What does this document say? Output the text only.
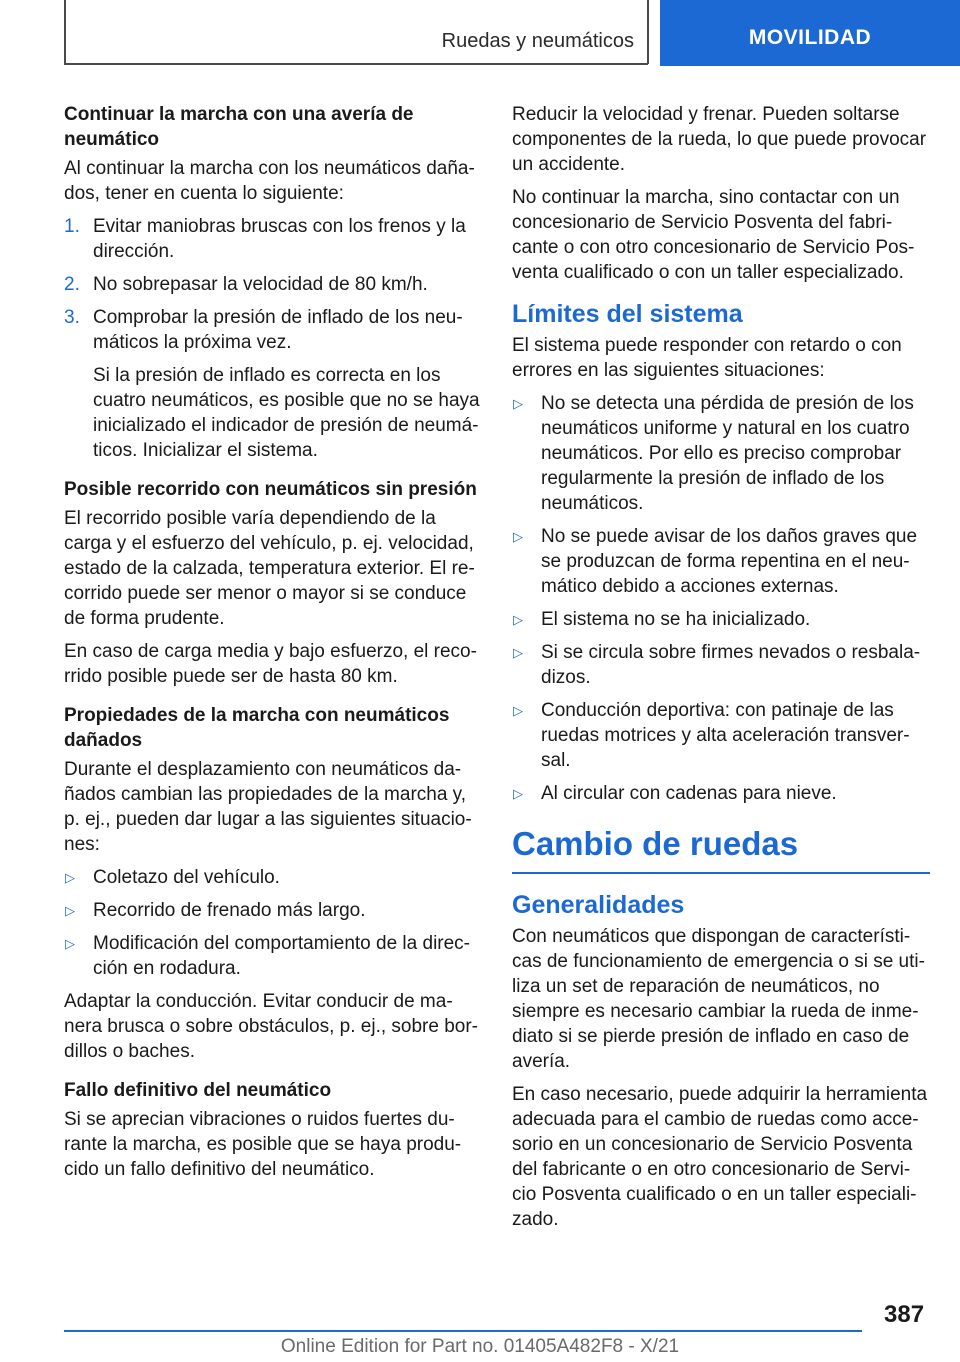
Ruedas y neumáticos	MOVILIDAD
Continuar la marcha con una avería de neumático

Al continuar la marcha con los neumáticos daña-dos, tener en cuenta lo siguiente:

1. Evitar maniobras bruscas con los frenos y la dirección.
2. No sobrepasar la velocidad de 80 km/h.
3. Comprobar la presión de inflado de los neu-máticos la próxima vez.
Si la presión de inflado es correcta en los cuatro neumáticos, es posible que no se haya inicializado el indicador de presión de neumá-ticos. Inicializar el sistema.
Posible recorrido con neumáticos sin presión

El recorrido posible varía dependiendo de la carga y el esfuerzo del vehículo, p. ej. velocidad, estado de la calzada, temperatura exterior. El re-corrido puede ser menor o mayor si se conduce de forma prudente.

En caso de carga media y bajo esfuerzo, el reco-rrido posible puede ser de hasta 80 km.

Propiedades de la marcha con neumáticos dañados

Durante el desplazamiento con neumáticos da-ñados cambian las propiedades de la marcha y, p. ej., pueden dar lugar a las siguientes situacio-nes:

▷ Coletazo del vehículo.
▷ Recorrido de frenado más largo.
▷ Modificación del comportamiento de la direc-ción en rodadura.

Adaptar la conducción. Evitar conducir de ma-nera brusca o sobre obstáculos, p. ej., sobre bor-dillos o baches.

Fallo definitivo del neumático

Si se aprecian vibraciones o ruidos fuertes du-rante la marcha, es posible que se haya produ-cido un fallo definitivo del neumático.

Reducir la velocidad y frenar. Pueden soltarse componentes de la rueda, lo que puede provocar un accidente.

No continuar la marcha, sino contactar con un concesionario de Servicio Posventa del fabri-cante o con otro concesionario de Servicio Pos-venta cualificado o con un taller especializado.

Límites del sistema

El sistema puede responder con retardo o con errores en las siguientes situaciones:

▷ No se detecta una pérdida de presión de los neumáticos uniforme y natural en los cuatro neumáticos. Por ello es preciso comprobar regularmente la presión de inflado de los neumáticos.
▷ No se puede avisar de los daños graves que se produzcan de forma repentina en el neu-mático debido a acciones externas.
▷ El sistema no se ha inicializado.
▷ Si se circula sobre firmes nevados o resbala-dizos.
▷ Conducción deportiva: con patinaje de las ruedas motrices y alta aceleración transver-sal.
▷ Al circular con cadenas para nieve.
Cambio de ruedas
Generalidades

Con neumáticos que dispongan de característi-cas de funcionamiento de emergencia o si se uti-liza un set de reparación de neumáticos, no siempre es necesario cambiar la rueda de inme-diato si se pierde presión de inflado en caso de avería.

En caso necesario, puede adquirir la herramienta adecuada para el cambio de ruedas como acce-sorio en un concesionario de Servicio Posventa del fabricante o en otro concesionario de Servi-cio Posventa cualificado o en un taller especiali-zado.

387
Online Edition for Part no. 01405A482F8 - X/21
